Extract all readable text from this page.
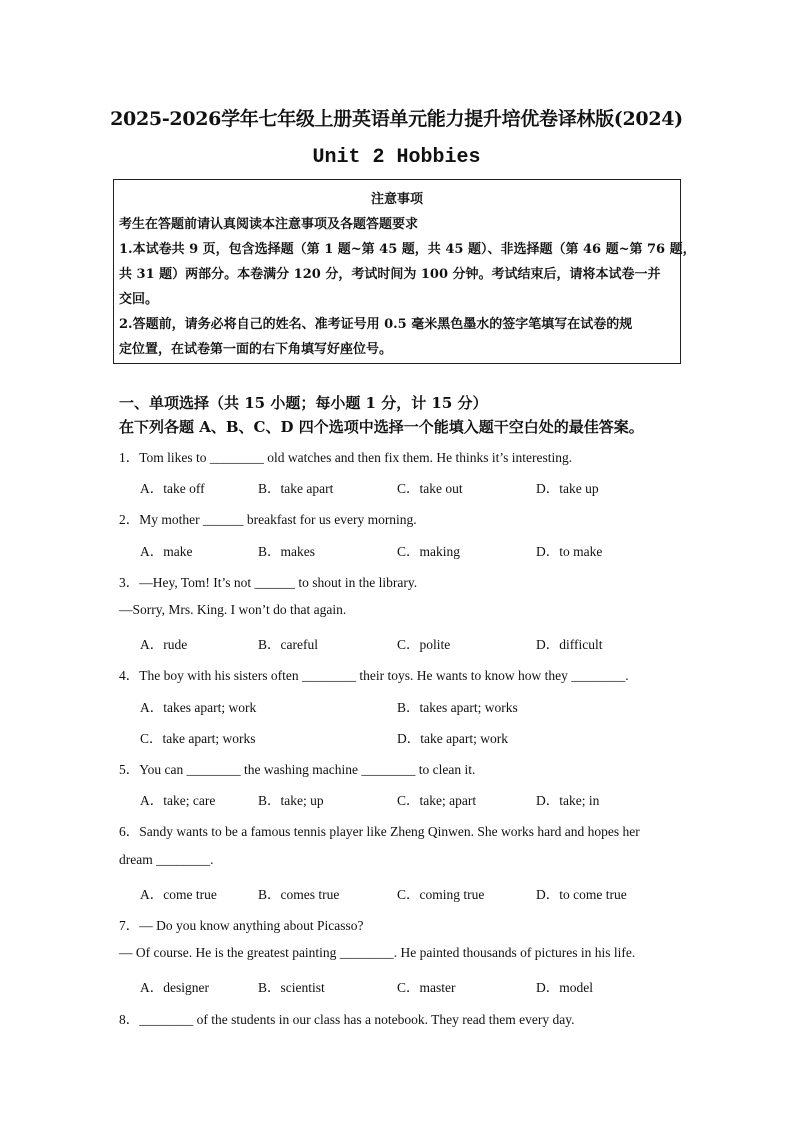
2025-2026学年七年级上册英语单元能力提升培优卷译林版(2024)
Unit 2 Hobbies
注意事项
考生在答题前请认真阅读本注意事项及各题答题要求
1.本试卷共 9 页，包含选择题（第 1 题~第 45 题，共 45 题）、非选择题（第 46 题~第 76 题，
共 31 题）两部分。本卷满分 120 分，考试时间为 100 分钟。考试结束后，请将本试卷一并
交回。
2.答题前，请务必将自己的姓名、准考证号用 0.5 毫米黑色墨水的签字笔填写在试卷的规
定位置，在试卷第一面的右下角填写好座位号。
一、单项选择（共 15 小题；每小题 1 分，计 15 分）
在下列各题 A、B、C、D 四个选项中选择一个能填入题干空白处的最佳答案。
1．Tom likes to ________ old watches and then fix them. He thinks it’s interesting.
A．take off	B．take apart	C．take out	D．take up
2．My mother ______ breakfast for us every morning.
A．make	B．makes	C．making	D．to make
3．—Hey, Tom! It’s not ______ to shout in the library.
—Sorry, Mrs. King. I won’t do that again.
A．rude	B．careful	C．polite	D．difficult
4．The boy with his sisters often ________ their toys. He wants to know how they ________.
A．takes apart; work	B．takes apart; works
C．take apart; works	D．take apart; work
5．You can ________ the washing machine ________ to clean it.
A．take; care	B．take; up	C．take; apart	D．take; in
6．Sandy wants to be a famous tennis player like Zheng Qinwen. She works hard and hopes her
dream ________.
A．come true	B．comes true	C．coming true	D．to come true
7．— Do you know anything about Picasso?
— Of course. He is the greatest painting ________. He painted thousands of pictures in his life.
A．designer	B．scientist	C．master	D．model
8．________ of the students in our class has a notebook. They read them every day.
